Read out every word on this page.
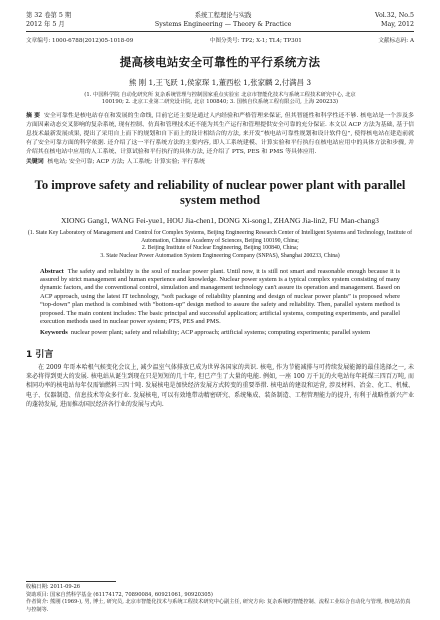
第 32 卷第 5 期
2012 年 5 月
系统工程理论与实践
Systems Engineering — Theory & Practice
Vol.32, No.5
May, 2012
文章编号: 1000-6788(2012)05-1018-09	中图分类号: TP2; X-1; TL4; TP301	文献标志码: A
提高核电站安全可靠性的平行系统方法
熊 刚 1,王飞跃 1,侯家琛 1,董西松 1,张家麟 2,付满昌 3
(1. 中国科学院 自动化研究所 复杂系统管理与控制国家重点实验室 北京市智能化技术与系统工程技术研究中心, 北京
100190; 2. 北京工业第二研究设计院, 北京 100840; 3. 国核自仪系统工程有限公司, 上海 200233)
摘 要 安全可靠性是核电站存在和发展的生命线, 目前它还主要是通过人内经验和严格管理来保证, 但其智能性和科学性还不够. 核电站是一个涉及多方面因素动态交叉影响的复杂系统, 现有控制、仿真和管理技术还不能为其生产运行和管理提供安全可靠的充分保证. 本文以 ACP 方法为基础, 基于信息技术最新发展成果, 提出了采用自上而下的规划和自下而上的设计相结合的方法, 来开发“核电站可靠性规划和设计软件包”, 使得核电站在建造前就有了安全可靠方面的科学依据. 还介绍了这一平行系统方法的主要内容, 即人工系统建模、计算实验和平行执行在核电站应用中的具体方法和步骤, 并介绍其在核电站中应用的人工系统、计算试验和平行执行的具体方法, 还介绍了 PTS, PES 和 PMS 等具体应用.
关键词 核电站; 安全可靠; ACP 方法; 人工系统; 计算实验; 平行系统
To improve safety and reliability of nuclear power plant with parallel system method
XIONG Gang1, WANG Fei-yue1, HOU Jia-chen1, DONG Xi-song1, ZHANG Jia-lin2, FU Man-chang3
(1. State Key Laboratory of Management and Control for Complex Systems, Beijing Engineering Research Center of Intelligent Systems and Technology, Institute of Automation, Chinese Academy of Sciences, Beijing 100190, China;
2. Beijing Institute of Nuclear Engineering, Beijing 100840, China;
3. State Nuclear Power Automation System Engineering Company (SNPAS), Shanghai 200233, China)
Abstract The safety and reliability is the soul of nuclear power plant. Until now, it is still not smart and reasonable enough because it is assured by strict management and human experience and knowledge. Nuclear power system is a typical complex system consisting of many dynamic factors, and the conventional control, simulation and management technology can't assure its operation and management. Based on ACP approach, using the latest IT technology, “soft package of reliability planning and design of nuclear power plants” is proposed where “top-down” plan method is combined with “bottom-up” design method to assure the safety and reliability. Then, parallel system method is proposed. The main content includes: The basic principal and successful application; artificial systems, computing experiments, and parallel execution methods used in nuclear power system; PTS, PES and PMS.
Keywords nuclear power plant; safety and reliability; ACP approach; artificial systems; computing experiments; parallel system
1 引言
在 2009 年哥本哈根气候变化会议上, 减少温室气体排放已成为世界各国家的共识. 核电, 作为节能减排与可持续发展能源的最佳选择之一, 未来必将得到更大的发展. 核电站从诞生到现在只是短短的几十年, 但已产生了大量的电能. 例如, 一座 100 万千瓦的火电站每年耗煤三四百万吨, 而相同功率的核电站每年仅需铀燃料三四十吨. 发展核电是加快经济发展方式转变的重要举措. 核电站的建设和运营, 涉及材料、冶金、化工、机械、电子、仪器制造、信息技术等众多行业. 发展核电, 可以有效地带动精密研究、系统集成、装备制造、工程管理能力的提升, 有利于战略性新兴产业的蓬勃发展, 进而推动国民经济各行业的发展与式向.
收稿日期: 2011-09-26
资助项目: 国家自然科学基金 (61174172, 70890084, 60921061, 90920305)
作者简介: 熊刚 (1969-), 男, 博士, 研究员, 北京市智能化技术与系统工程技术研究中心副主任, 研究方向: 复杂系统的智能控制、流程工业综合自动化与管理, 核电站仿真与控制等.
